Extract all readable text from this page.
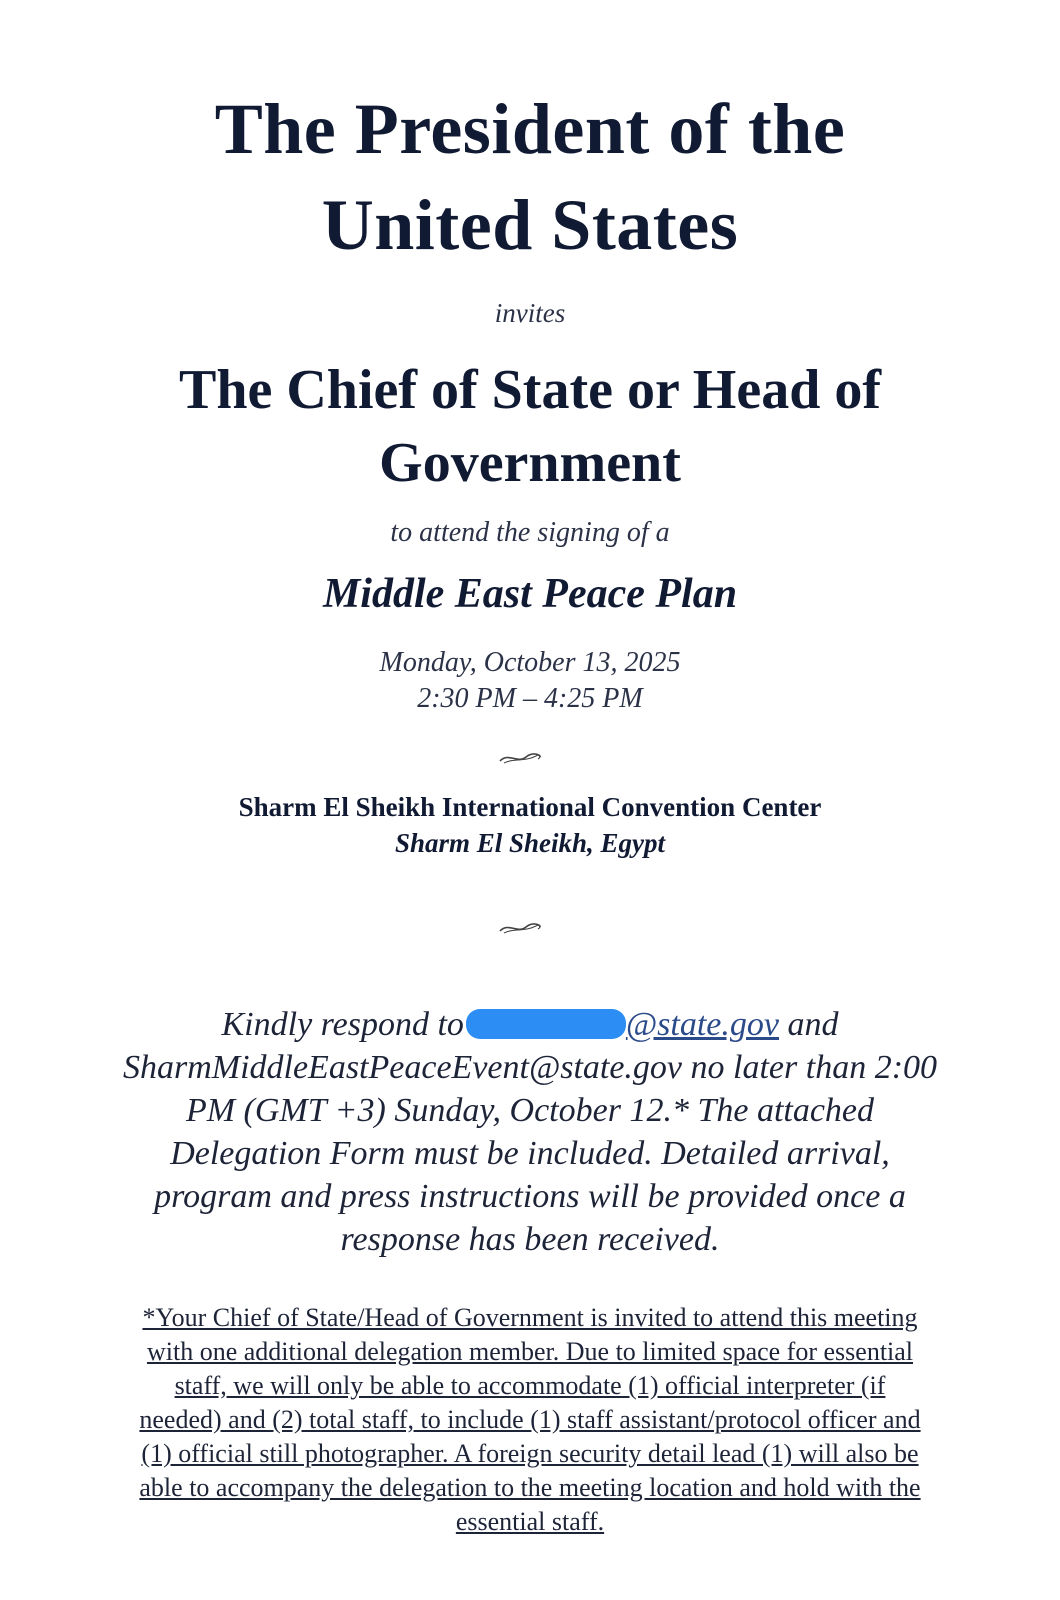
The President of the
United States
invites
The Chief of State or Head of
Government
to attend the signing of a
Middle East Peace Plan
Monday, October 13, 2025
2:30 PM – 4:25 PM
Sharm El Sheikh International Convention Center
Sharm El Sheikh, Egypt
Kindly respond to	@state.gov and
SharmMiddleEastPeaceEvent@state.gov no later than 2:00
PM (GMT +3) Sunday, October 12.* The attached
Delegation Form must be included. Detailed arrival,
program and press instructions will be provided once a
response has been received.
*Your Chief of State/Head of Government is invited to attend this meeting
with one additional delegation member. Due to limited space for essential
staff, we will only be able to accommodate (1) official interpreter (if
needed) and (2) total staff, to include (1) staff assistant/protocol officer and
(1) official still photographer. A foreign security detail lead (1) will also be
able to accompany the delegation to the meeting location and hold with the
essential staff.
